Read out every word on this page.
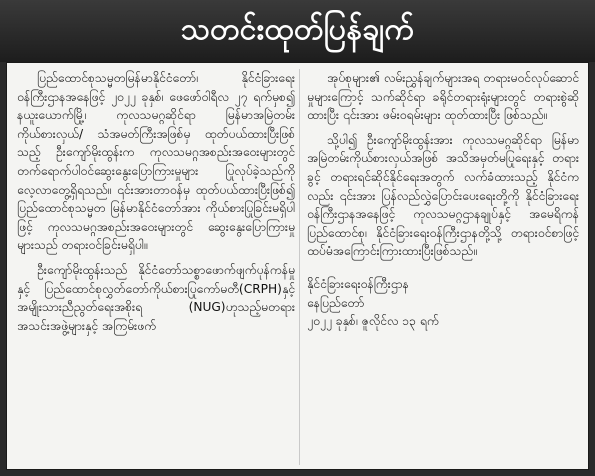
သတင်းထုတ်ပြန်ချက်

ပြည်ထောင်စုသမ္မတမြန်မာနိုင်ငံတော်၊ နိုင်ငံခြားရေးဝန်ကြီးဌာနအနေဖြင့် ၂၀၂၂ ခုနှစ်၊ ဖေဖော်ဝါရီလ ၂၇ ရက်မှစ၍ နယူးယောက်မြို့၊ ကုလသမဂ္ဂဆိုင်ရာ မြန်မာအမြဲတမ်းကိုယ်စားလှယ်/ သံအမတ်ကြီးအဖြစ်မှ ထုတ်ပယ်ထားပြီးဖြစ်သည့် ဦးကျော်မိုးထွန်းက ကုလသမဂ္ဂအစည်းအဝေးများတွင် တက်ရောက်ပါဝင်ဆွေးနွေးပြောကြားမှုများ ပြုလုပ်ခဲ့သည်ကို လေ့လာတွေ့ရှိရသည်။ ၎င်းအားတာဝန်မှ ထုတ်ပယ်ထားပြီးဖြစ်၍ ပြည်ထောင်စုသမ္မတ မြန်မာနိုင်ငံတော်အား ကိုယ်စားပြုခြင်းမရှိပါဖြင့် ကုလသမဂ္ဂအစည်းအဝေးများတွင် ဆွေးနွေးပြောကြားမှုများသည် တရားဝင်ခြင်းမရှိပါ။

ဦးကျော်မိုးထွန်းသည် နိုင်ငံတော်သစ္စာဖောက်ဖျက်ပုန်ကန်မှုနှင့် ပြည်ထောင်စုလွှတ်တော်ကိုယ်စားပြုကော်မတီ(CRPH)နှင့် အမျိုးသားညီညွတ်ရေးအစိုးရ (NUG)ဟုသည့်မတရားအသင်းအဖွဲ့များနှင့် အကြမ်းဖက်

အုပ်စုများ၏ လမ်းညွှန်ချက်များအရ တရားမဝင်လုပ်ဆောင်မှုများကြောင့် သက်ဆိုင်ရာ ခရိုင်တရားရုံးများတွင် တရားစွဲဆိုထားပြီး ၎င်းအား ဖမ်းဝရမ်းများ ထုတ်ထားပြီး ဖြစ်သည်။

သို့ပါ၍ ဦးကျော်မိုးထွန်းအား ကုလသမဂ္ဂဆိုင်ရာ မြန်မာအမြဲတမ်းကိုယ်စားလှယ်အဖြစ် အသိအမှတ်မပြုရေးနှင့် တရားခွင့် တရားရင်ဆိုင်နိုင်ရေးအတွက် လက်ခံထားသည့် နိုင်ငံကလည်း ၎င်းအား ပြန်လည်လွှဲပြောင်းပေးရေးတို့ကို နိုင်ငံခြားရေးဝန်ကြီးဌာနအနေဖြင့် ကုလသမဂ္ဂဌာနချုပ်နှင့် အမေရိကန်ပြည်ထောင်စု၊ နိုင်ငံခြားရေးဝန်ကြီးဌာနတို့သို့ တရားဝင်စာဖြင့် ထပ်မံအကြောင်းကြားထားပြီးဖြစ်သည်။

နိုင်ငံခြားရေးဝန်ကြီးဌာန
နေပြည်တော်
၂၀၂၂ ခုနှစ်၊ ဇူလိုင်လ ၁၃ ရက်
